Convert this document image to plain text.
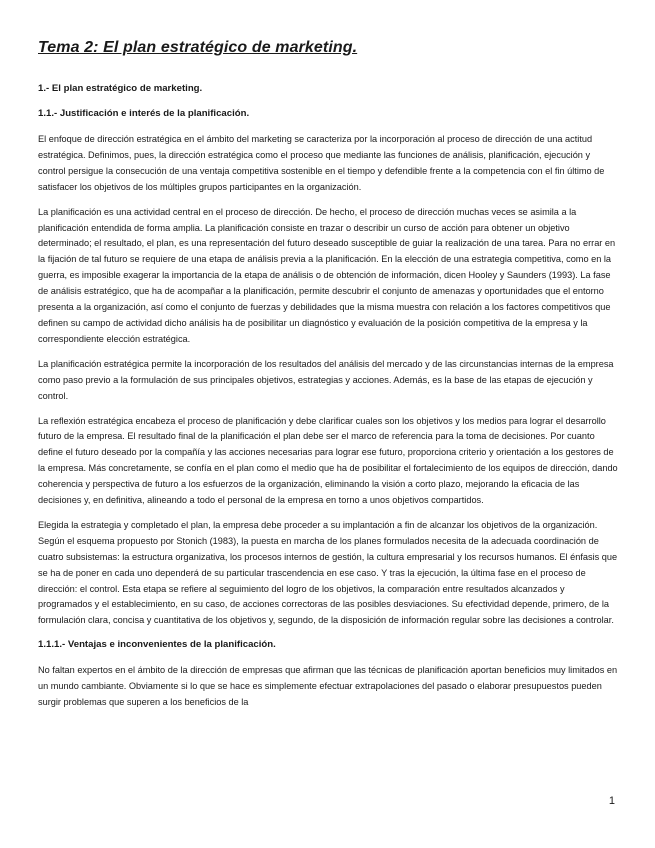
Tema 2: El plan estratégico de marketing.
1.- El plan estratégico de marketing.
1.1.- Justificación e interés de la planificación.

El enfoque de dirección estratégica en el ámbito del marketing se caracteriza por la incorporación al proceso de dirección de una actitud estratégica. Definimos, pues, la dirección estratégica como el proceso que mediante las funciones de análisis, planificación, ejecución y control persigue la consecución de una ventaja competitiva sostenible en el tiempo y defendible frente a la competencia con el fin último de satisfacer los objetivos de los múltiples grupos participantes en la organización.

La planificación es una actividad central en el proceso de dirección. De hecho, el proceso de dirección muchas veces se asimila a la planificación entendida de forma amplia. La planificación consiste en trazar o describir un curso de acción para obtener un objetivo determinado; el resultado, el plan, es una representación del futuro deseado susceptible de guiar la realización de una tarea. Para no errar en la fijación de tal futuro se requiere de una etapa de análisis previa a la planificación. En la elección de una estrategia competitiva, como en la guerra, es imposible exagerar la importancia de la etapa de análisis o de obtención de información, dicen Hooley y Saunders (1993). La fase de análisis estratégico, que ha de acompañar a la planificación, permite descubrir el conjunto de amenazas y oportunidades que el entorno presenta a la organización, así como el conjunto de fuerzas y debilidades que la misma muestra con relación a los factores competitivos que definen su campo de actividad dicho análisis ha de posibilitar un diagnóstico y evaluación de la posición competitiva de la empresa y la correspondiente elección estratégica.

La planificación estratégica permite la incorporación de los resultados del análisis del mercado y de las circunstancias internas de la empresa como paso previo a la formulación de sus principales objetivos, estrategias y acciones. Además, es la base de las etapas de ejecución y control.

La reflexión estratégica encabeza el proceso de planificación y debe clarificar cuales son los objetivos y los medios para lograr el desarrollo futuro de la empresa. El resultado final de la planificación el plan debe ser el marco de referencia para la toma de decisiones. Por cuanto define el futuro deseado por la compañía y las acciones necesarias para lograr ese futuro, proporciona criterio y orientación a los gestores de la empresa. Más concretamente, se confía en el plan como el medio que ha de posibilitar el fortalecimiento de los equipos de dirección, dando coherencia y perspectiva de futuro a los esfuerzos de la organización, eliminando la visión a corto plazo, mejorando la eficacia de las decisiones y, en definitiva, alineando a todo el personal de la empresa en torno a unos objetivos compartidos.

Elegida la estrategia y completado el plan, la empresa debe proceder a su implantación a fin de alcanzar los objetivos de la organización. Según el esquema propuesto por Stonich (1983), la puesta en marcha de los planes formulados necesita de la adecuada coordinación de cuatro subsistemas: la estructura organizativa, los procesos internos de gestión, la cultura empresarial y los recursos humanos. El énfasis que se ha de poner en cada uno dependerá de su particular trascendencia en ese caso. Y tras la ejecución, la última fase en el proceso de dirección: el control. Esta etapa se refiere al seguimiento del logro de los objetivos, la comparación entre resultados alcanzados y programados y el establecimiento, en su caso, de acciones correctoras de las posibles desviaciones. Su efectividad depende, primero, de la formulación clara, concisa y cuantitativa de los objetivos y, segundo, de la disposición de información regular sobre las decisiones a controlar.

1.1.1.- Ventajas e inconvenientes de la planificación.

No faltan expertos en el ámbito de la dirección de empresas que afirman que las técnicas de planificación aportan beneficios muy limitados en un mundo cambiante. Obviamente si lo que se hace es simplemente efectuar extrapolaciones del pasado o elaborar presupuestos pueden surgir problemas que superen a los beneficios de la

1
